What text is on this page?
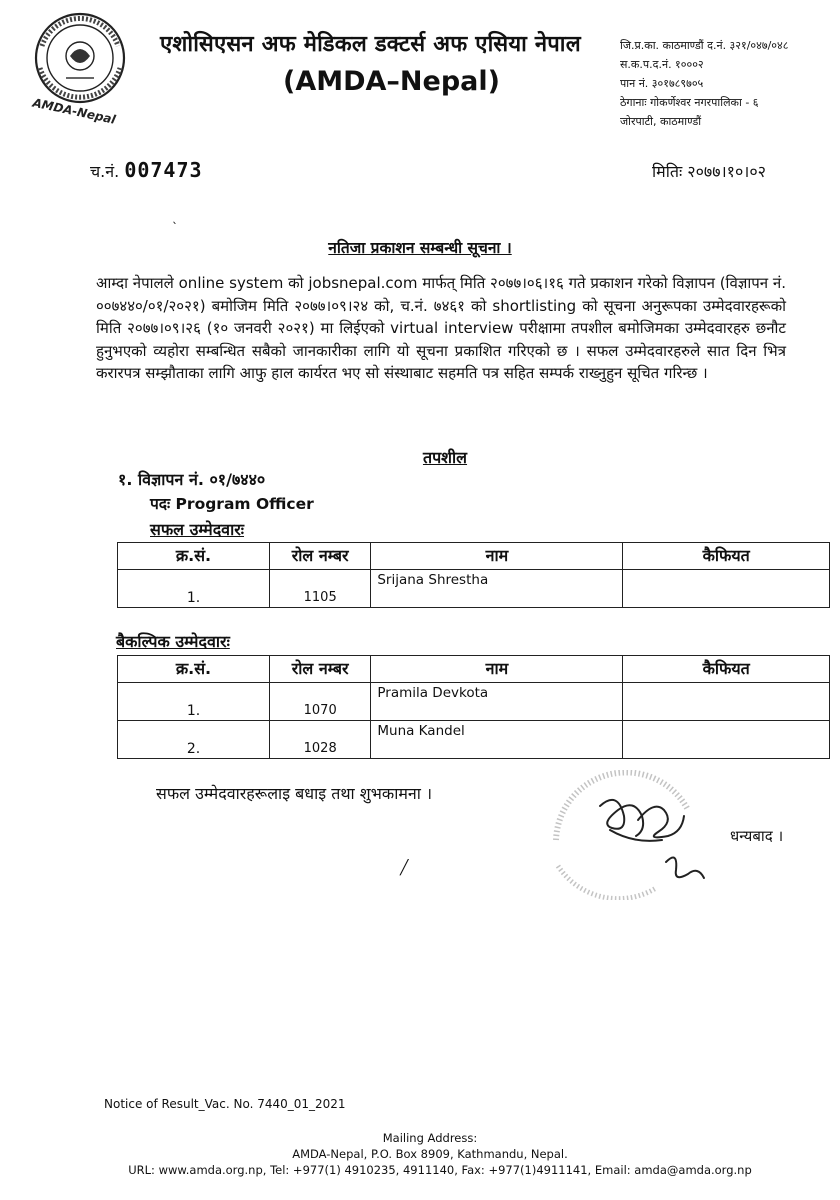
AMDA-Nepal
एशोसिएसन अफ मेडिकल डक्टर्स अफ एसिया नेपाल
(AMDA–Nepal)
जि.प्र.का. काठमाण्डौं द.नं. ३२१/०४७/०४८
स.क.प.द.नं. १०००२
पान नं. ३०१७८९७०५
ठेगानाः गोकर्णेश्वर नगरपालिका - ६
जोरपाटी, काठमाण्डौं
च.नं. 007473	मितिः २०७७।१०।०२
ˎ
नतिजा प्रकाशन सम्बन्धी सूचना ।
आम्दा नेपालले online system को jobsnepal.com मार्फत् मिति २०७७।०६।१६ गते प्रकाशन गरेको विज्ञापन (विज्ञापन नं. ००७४४०/०१/२०२१) बमोजिम मिति २०७७।०९।२४ को, च.नं. ७४६१ को shortlisting को सूचना अनुरूपका उम्मेदवारहरूको मिति २०७७।०९।२६ (१० जनवरी २०२१) मा लिईएको virtual interview परीक्षामा तपशील बमोजिमका उम्मेदवारहरु छनौट हुनुभएको व्यहोरा सम्बन्धित सबैको जानकारीका लागि यो सूचना प्रकाशित गरिएको छ । सफल उम्मेदवारहरुले सात दिन भित्र करारपत्र सम्झौताका लागि आफु हाल कार्यरत भए सो संस्थाबाट सहमति पत्र सहित सम्पर्क राख्नुहुन सूचित गरिन्छ ।
तपशील
१. विज्ञापन नं. ०१/७४४०
पदः Program Officer
सफल उम्मेदवारः
क्र.सं.	रोल नम्बर	नाम	कैफियत

1.	1105	Srijana Shrestha	

बैकल्पिक उम्मेदवारः
क्र.सं.	रोल नम्बर	नाम	कैफियत

1.	1070	Pramila Devkota	

2.	1028	Muna Kandel	

सफल उम्मेदवारहरूलाइ बधाइ तथा शुभकामना ।
धन्यबाद ।
╱
Notice of Result_Vac. No. 7440_01_2021
Mailing Address:
AMDA-Nepal, P.O. Box 8909, Kathmandu, Nepal.
URL: www.amda.org.np, Tel: +977(1) 4910235, 4911140, Fax: +977(1)4911141, Email: amda@amda.org.np
